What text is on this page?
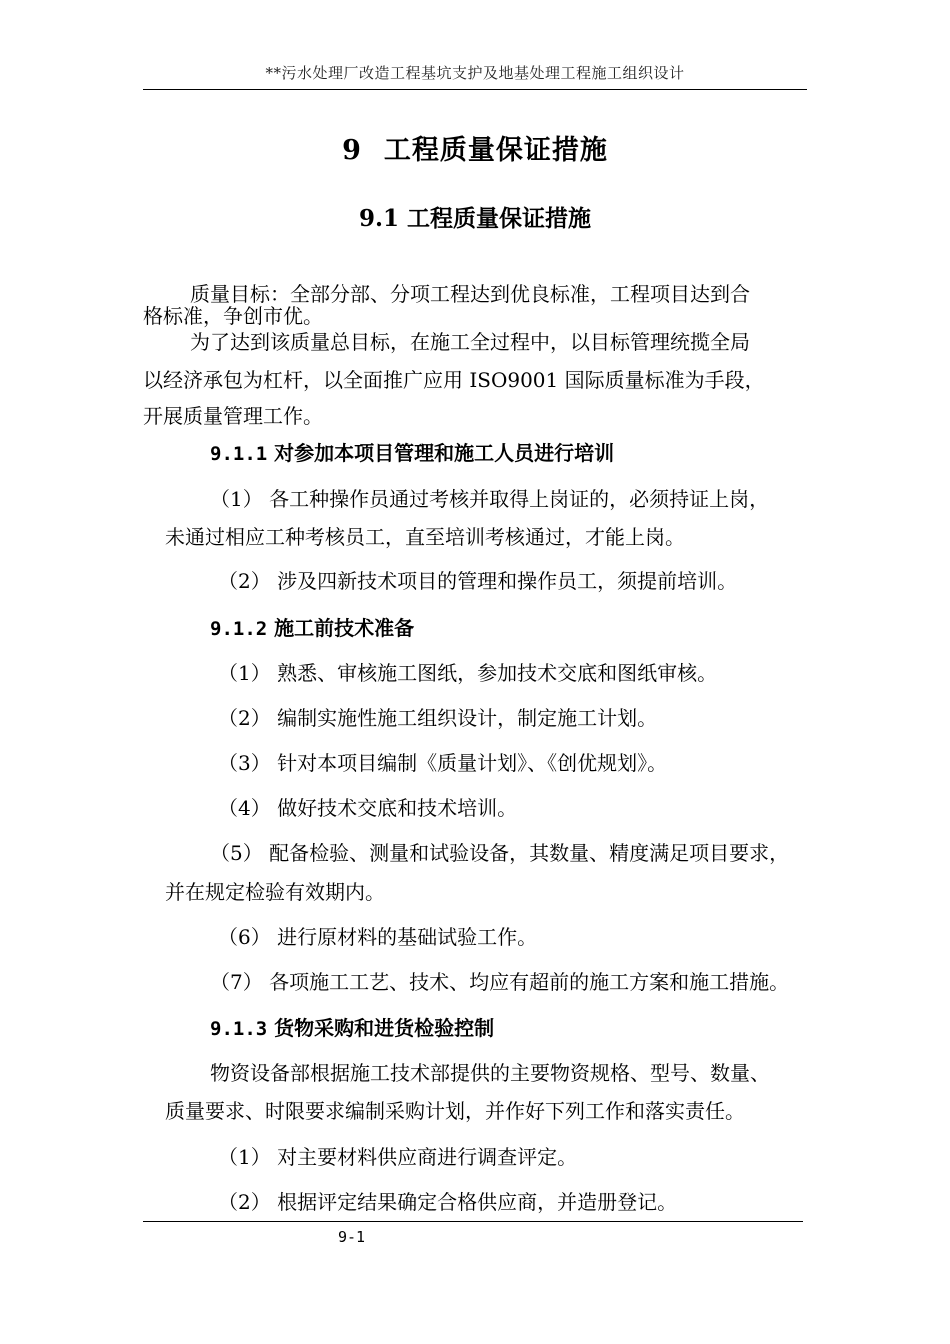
**污水处理厂改造工程基坑支护及地基处理工程施工组织设计
9 工程质量保证措施
9.1 工程质量保证措施
质量目标：全部分部、分项工程达到优良标准，工程项目达到合
格标准，争创市优。
为了达到该质量总目标，在施工全过程中，以目标管理统揽全局
以经济承包为杠杆，以全面推广应用 ISO9001 国际质量标准为手段，
开展质量管理工作。
9.1.1 对参加本项目管理和施工人员进行培训
（1） 各工种操作员通过考核并取得上岗证的，必须持证上岗，
未通过相应工种考核员工，直至培训考核通过，才能上岗。
（2） 涉及四新技术项目的管理和操作员工，须提前培训。
9.1.2 施工前技术准备
（1） 熟悉、审核施工图纸，参加技术交底和图纸审核。
（2） 编制实施性施工组织设计，制定施工计划。
（3） 针对本项目编制《质量计划》、《创优规划》。
（4） 做好技术交底和技术培训。
（5） 配备检验、测量和试验设备，其数量、精度满足项目要求，
并在规定检验有效期内。
（6） 进行原材料的基础试验工作。
（7） 各项施工工艺、技术、均应有超前的施工方案和施工措施。
9.1.3 货物采购和进货检验控制
物资设备部根据施工技术部提供的主要物资规格、型号、数量、
质量要求、时限要求编制采购计划，并作好下列工作和落实责任。
（1） 对主要材料供应商进行调查评定。
（2） 根据评定结果确定合格供应商，并造册登记。
9-1
